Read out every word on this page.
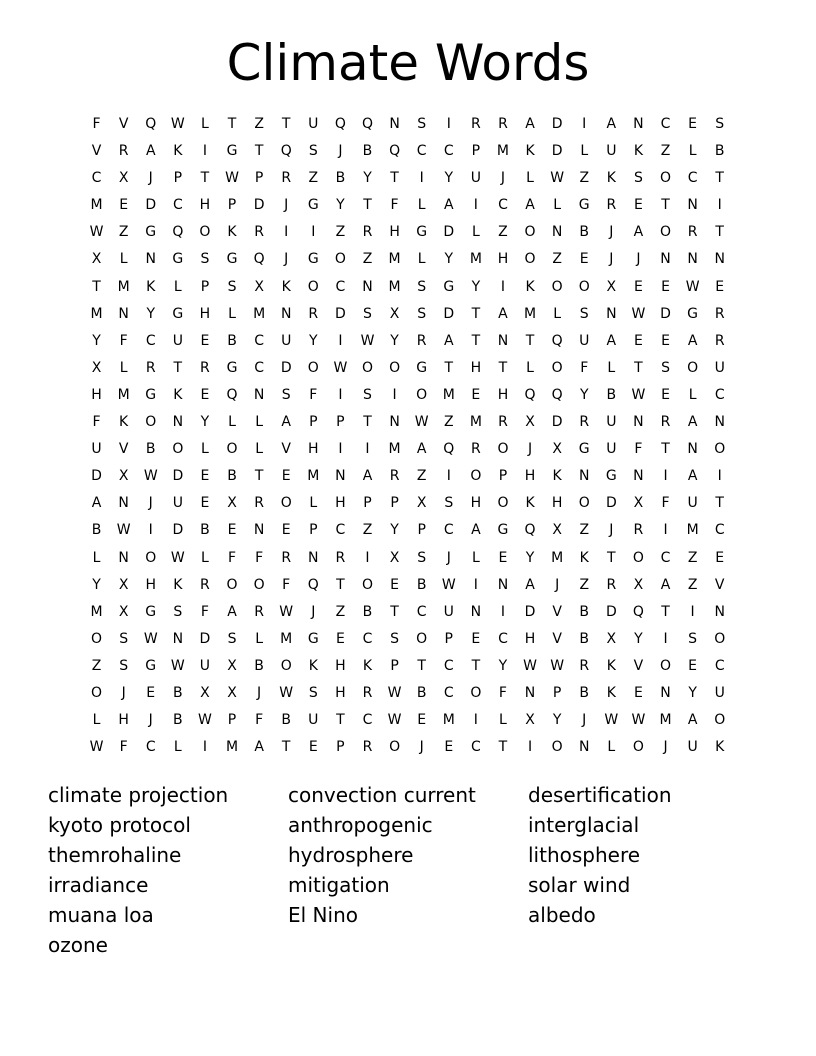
Climate Words
F	V	Q	W	L	T	Z	T	U	Q	Q	N	S	I	R	R	A	D	I	A	N	C	E	S
V	R	A	K	I	G	T	Q	S	J	B	Q	C	C	P	M	K	D	L	U	K	Z	L	B
C	X	J	P	T	W	P	R	Z	B	Y	T	I	Y	U	J	L	W	Z	K	S	O	C	T
M	E	D	C	H	P	D	J	G	Y	T	F	L	A	I	C	A	L	G	R	E	T	N	I
W	Z	G	Q	O	K	R	I	I	Z	R	H	G	D	L	Z	O	N	B	J	A	O	R	T
X	L	N	G	S	G	Q	J	G	O	Z	M	L	Y	M	H	O	Z	E	J	J	N	N	N
T	M	K	L	P	S	X	K	O	C	N	M	S	G	Y	I	K	O	O	X	E	E	W	E
M	N	Y	G	H	L	M	N	R	D	S	X	S	D	T	A	M	L	S	N	W	D	G	R
Y	F	C	U	E	B	C	U	Y	I	W	Y	R	A	T	N	T	Q	U	A	E	E	A	R
X	L	R	T	R	G	C	D	O	W	O	O	G	T	H	T	L	O	F	L	T	S	O	U
H	M	G	K	E	Q	N	S	F	I	S	I	O	M	E	H	Q	Q	Y	B	W	E	L	C
F	K	O	N	Y	L	L	A	P	P	T	N	W	Z	M	R	X	D	R	U	N	R	A	N
U	V	B	O	L	O	L	V	H	I	I	M	A	Q	R	O	J	X	G	U	F	T	N	O
D	X	W	D	E	B	T	E	M	N	A	R	Z	I	O	P	H	K	N	G	N	I	A	I
A	N	J	U	E	X	R	O	L	H	P	P	X	S	H	O	K	H	O	D	X	F	U	T
B	W	I	D	B	E	N	E	P	C	Z	Y	P	C	A	G	Q	X	Z	J	R	I	M	C
L	N	O	W	L	F	F	R	N	R	I	X	S	J	L	E	Y	M	K	T	O	C	Z	E
Y	X	H	K	R	O	O	F	Q	T	O	E	B	W	I	N	A	J	Z	R	X	A	Z	V
M	X	G	S	F	A	R	W	J	Z	B	T	C	U	N	I	D	V	B	D	Q	T	I	N
O	S	W	N	D	S	L	M	G	E	C	S	O	P	E	C	H	V	B	X	Y	I	S	O
Z	S	G	W	U	X	B	O	K	H	K	P	T	C	T	Y	W W	R	K	V	O	E	C
O	J	E	B	X	X	J	W	S	H	R	W	B	C	O	F	N	P	B	K	E	N	Y	U
L	H	J	B	W	P	F	B	U	T	C	W	E	M	I	L	X	Y	J	W W	M	A	O
W	F	C	L	I	M	A	T	E	P	R	O	J	E	C	T	I	O	N	L	O	J	U	K
climate projection
kyoto protocol
themrohaline
irradiance
muana loa
ozone
convection current
anthropogenic
hydrosphere
mitigation
El Nino
desertification
interglacial
lithosphere
solar wind
albedo
